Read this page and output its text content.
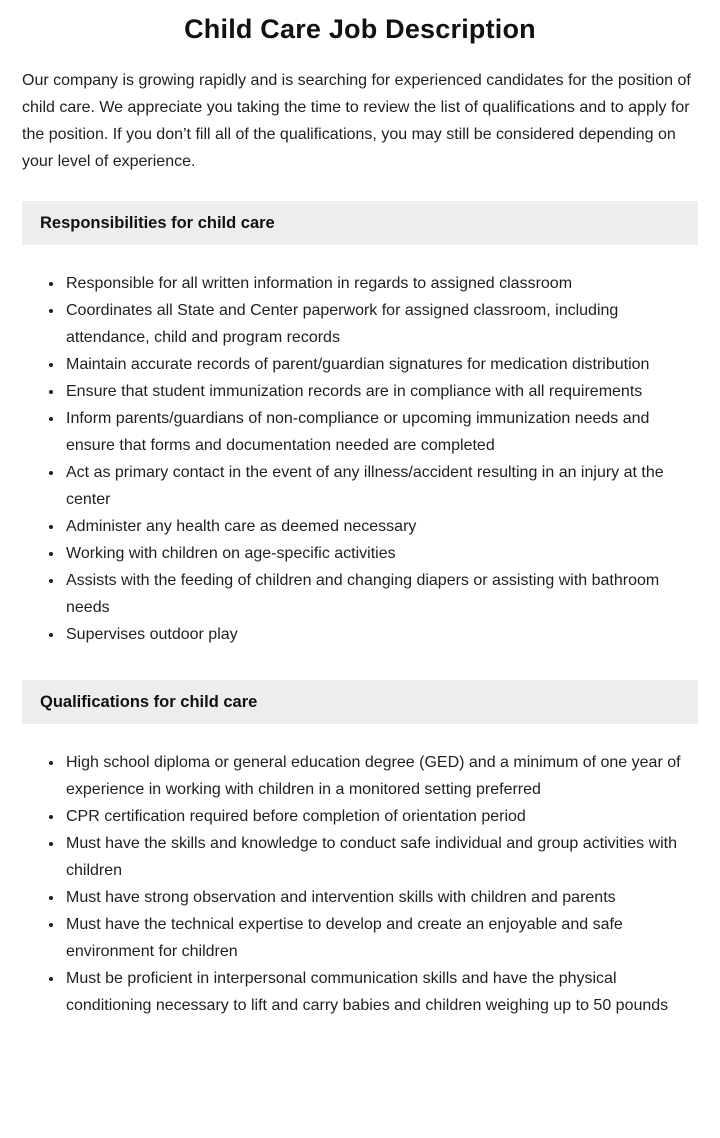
Child Care Job Description

Our company is growing rapidly and is searching for experienced candidates for the position of child care. We appreciate you taking the time to review the list of qualifications and to apply for the position. If you don’t fill all of the qualifications, you may still be considered depending on your level of experience.

Responsibilities for child care
• Responsible for all written information in regards to assigned classroom
• Coordinates all State and Center paperwork for assigned classroom, including attendance, child and program records
• Maintain accurate records of parent/guardian signatures for medication distribution
• Ensure that student immunization records are in compliance with all requirements
• Inform parents/guardians of non-compliance or upcoming immunization needs and ensure that forms and documentation needed are completed
• Act as primary contact in the event of any illness/accident resulting in an injury at the center
• Administer any health care as deemed necessary
• Working with children on age-specific activities
• Assists with the feeding of children and changing diapers or assisting with bathroom needs
• Supervises outdoor play
Qualifications for child care
• High school diploma or general education degree (GED) and a minimum of one year of experience in working with children in a monitored setting preferred
• CPR certification required before completion of orientation period
• Must have the skills and knowledge to conduct safe individual and group activities with children
• Must have strong observation and intervention skills with children and parents
• Must have the technical expertise to develop and create an enjoyable and safe environment for children
• Must be proficient in interpersonal communication skills and have the physical conditioning necessary to lift and carry babies and children weighing up to 50 pounds
